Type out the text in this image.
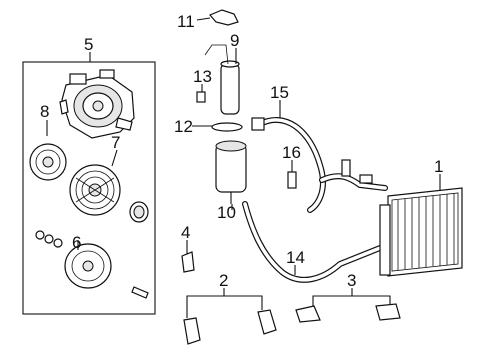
1
2	3
4
5
6
7
8
9
10
11
12
13
14
15
16
